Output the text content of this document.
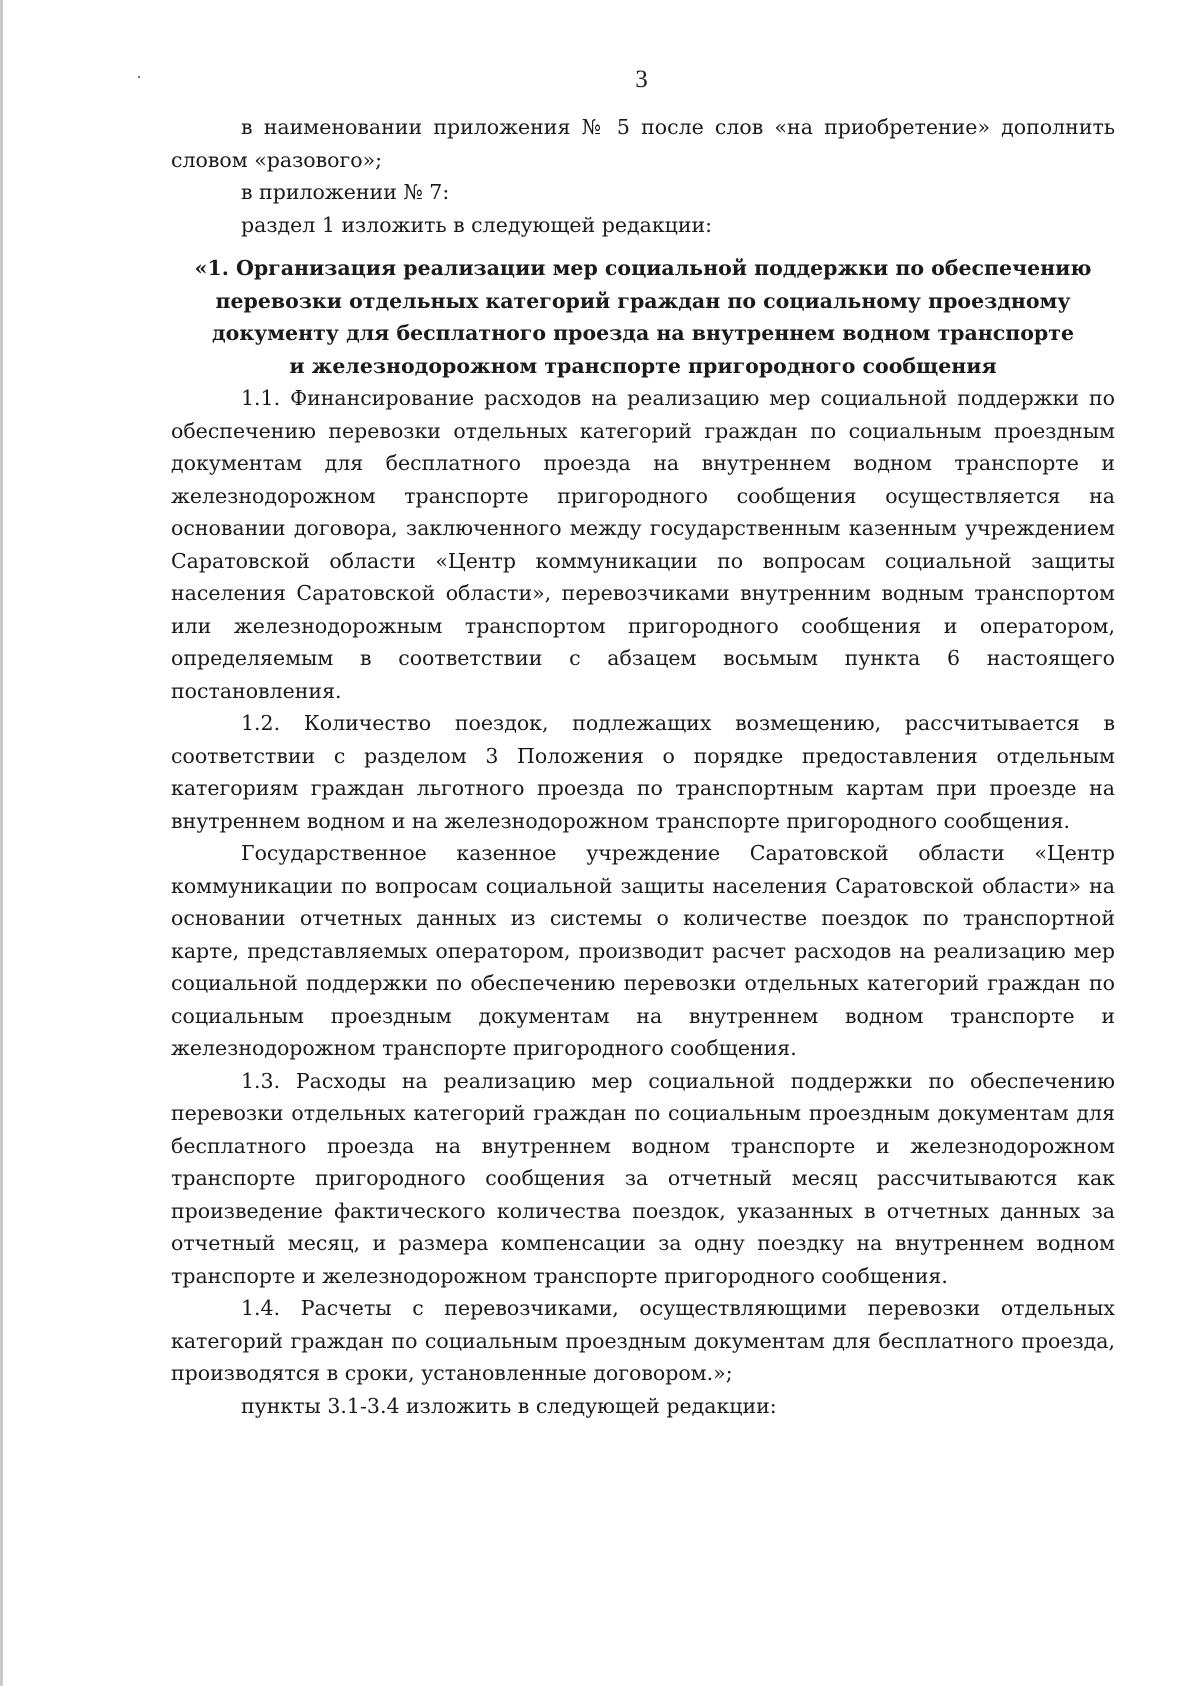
3

в наименовании приложения № 5 после слов «на приобретение» дополнить словом «разового»;

в приложении № 7:

раздел 1 изложить в следующей редакции:

«1. Организация реализации мер социальной поддержки по обеспечению
перевозки отдельных категорий граждан по социальному проездному
документу для бесплатного проезда на внутреннем водном транспорте
и железнодорожном транспорте пригородного сообщения

1.1. Финансирование расходов на реализацию мер социальной поддержки по обеспечению перевозки отдельных категорий граждан по социальным проездным документам для бесплатного проезда на внутреннем водном транспорте и железнодорожном транспорте пригородного сообщения осуществляется на основании договора, заключенного между государственным казенным учреждением Саратовской области «Центр коммуникации по вопросам социальной защиты населения Саратовской области», перевозчиками внутренним водным транспортом или железнодорожным транспортом пригородного сообщения и оператором, определяемым в соответствии с абзацем восьмым пункта 6 настоящего постановления.

1.2. Количество поездок, подлежащих возмещению, рассчитывается в соответствии с разделом 3 Положения о порядке предоставления отдельным категориям граждан льготного проезда по транспортным картам при проезде на внутреннем водном и на железнодорожном транспорте пригородного сообщения.

Государственное казенное учреждение Саратовской области «Центр коммуникации по вопросам социальной защиты населения Саратовской области» на основании отчетных данных из системы о количестве поездок по транспортной карте, представляемых оператором, производит расчет расходов на реализацию мер социальной поддержки по обеспечению перевозки отдельных категорий граждан по социальным проездным документам на внутреннем водном транспорте и железнодорожном транспорте пригородного сообщения.

1.3. Расходы на реализацию мер социальной поддержки по обеспечению перевозки отдельных категорий граждан по социальным проездным документам для бесплатного проезда на внутреннем водном транспорте и железнодорожном транспорте пригородного сообщения за отчетный месяц рассчитываются как произведение фактического количества поездок, указанных в отчетных данных за отчетный месяц, и размера компенсации за одну поездку на внутреннем водном транспорте и железнодорожном транспорте пригородного сообщения.

1.4. Расчеты с перевозчиками, осуществляющими перевозки отдельных категорий граждан по социальным проездным документам для бесплатного проезда, производятся в сроки, установленные договором.»;

пункты 3.1-3.4 изложить в следующей редакции:
